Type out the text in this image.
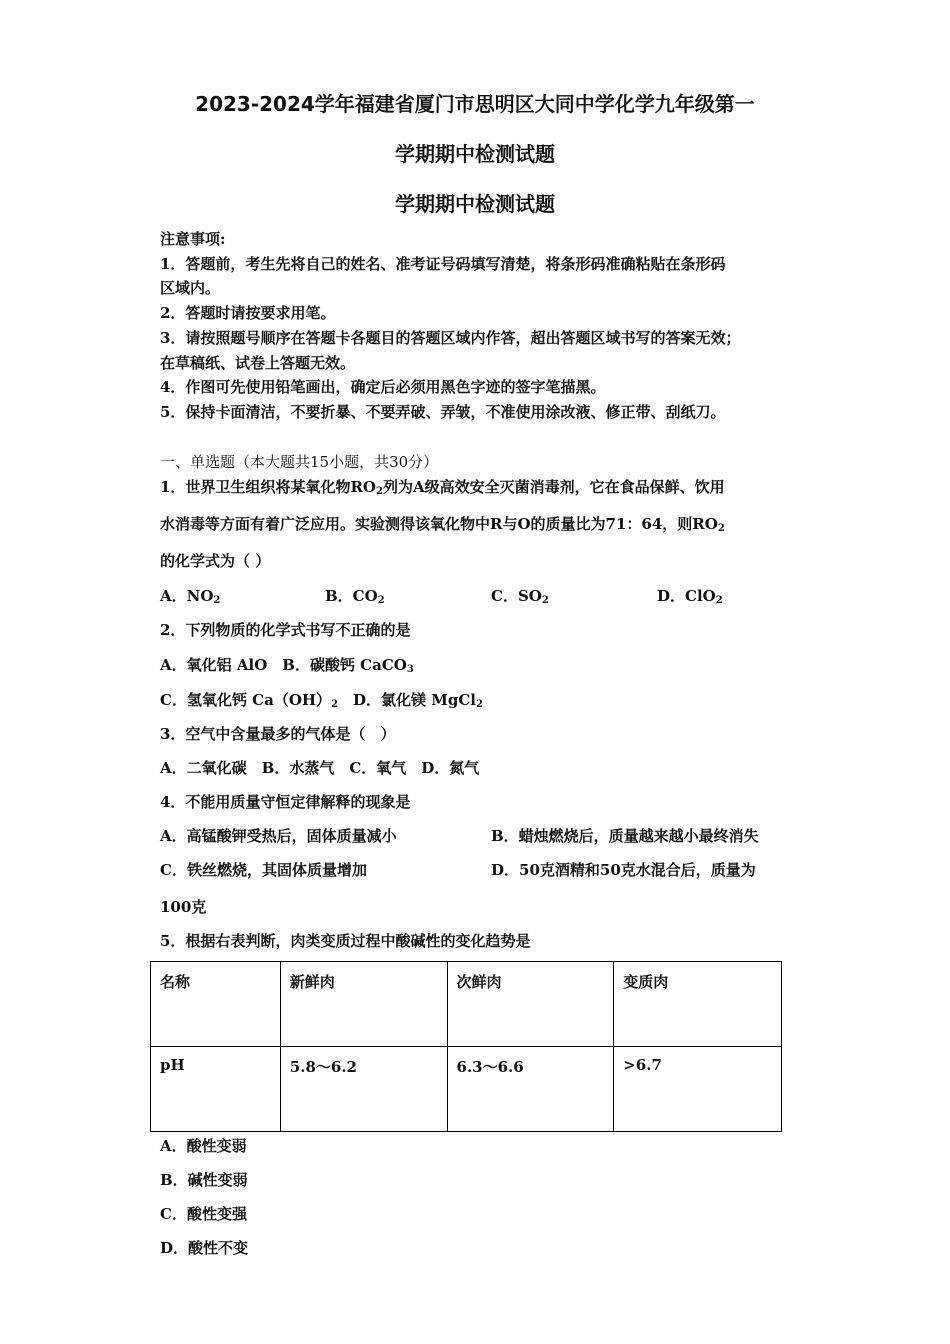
2023-2024学年福建省厦门市思明区大同中学化学九年级第一
学期期中检测试题
学期期中检测试题
注意事项:
1．答题前，考生先将自己的姓名、准考证号码填写清楚，将条形码准确粘贴在条形码
区域内。
2．答题时请按要求用笔。
3．请按照题号顺序在答题卡各题目的答题区域内作答，超出答题区域书写的答案无效；
在草稿纸、试卷上答题无效。
4．作图可先使用铅笔画出，确定后必须用黑色字迹的签字笔描黑。
5．保持卡面清洁，不要折暴、不要弄破、弄皱，不准使用涂改液、修正带、刮纸刀。
一、单选题（本大题共15小题，共30分）
1．世界卫生组织将某氧化物$RO_2$列为A级高效安全灭菌消毒剂，它在食品保鲜、饮用
水消毒等方面有着广泛应用。实验测得该氧化物中R与O的质量比为71：64，则$RO_2$
的化学式为（ ）
A．$NO_2$	B．$CO_2$	C．$SO_2$	D．ClO$_2$
2．下列物质的化学式书写不正确的是
A．氧化铝 AlO　B．碳酸钙 CaCO$_3$
C．氢氧化钙 $Ca(OH)_2$　D．氯化镁 MgCl$_2$
3．空气中含量最多的气体是（　）
A．二氧化碳　B．水蒸气　C．氧气　D．氮气
4．不能用质量守恒定律解释的现象是
A．高锰酸钾受热后，固体质量减小	B．蜡烛燃烧后，质量越来越小最终消失
C．铁丝燃烧，其固体质量增加	D．50克酒精和50克水混合后，质量为
100克
5．根据右表判断，肉类变质过程中酸碱性的变化趋势是
名称	新鲜肉	次鲜肉	变质肉
pH	5.8～6.2	6.3～6.6	>6.7
A．酸性变弱
B．碱性变弱
C．酸性变强
D．酸性不变
